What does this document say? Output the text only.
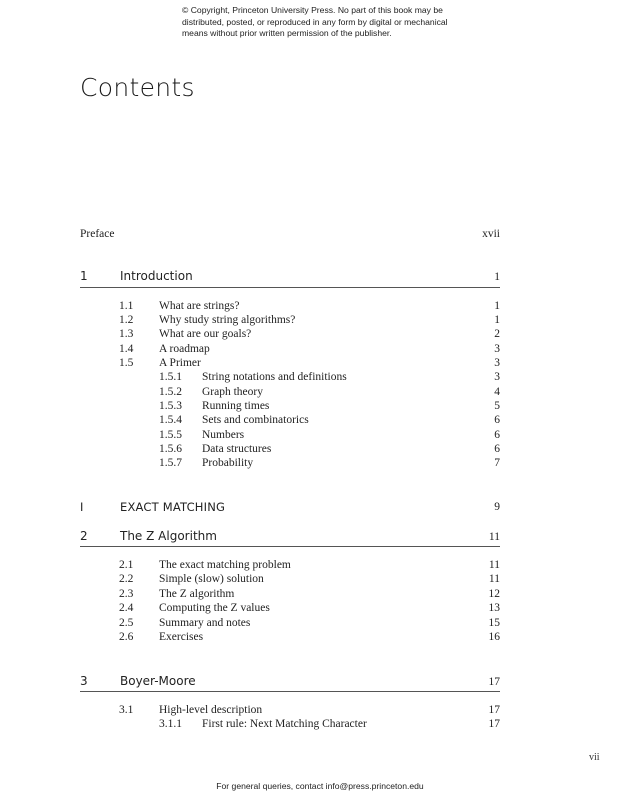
© Copyright, Princeton University Press. No part of this book may be
distributed, posted, or reproduced in any form by digital or mechanical
means without prior written permission of the publisher.
Contents
Preface	xvii
1	Introduction	1
1.1 What are strings?	1
1.2 Why study string algorithms?	1
1.3 What are our goals?	2
1.4 A roadmap	3
1.5 A Primer	3
1.5.1 String notations and definitions	3
1.5.2 Graph theory	4
1.5.3 Running times	5
1.5.4 Sets and combinatorics	6
1.5.5 Numbers	6
1.5.6 Data structures	6
1.5.7 Probability	7
I	EXACT MATCHING	9
2	The Z Algorithm	11
2.1 The exact matching problem	11
2.2 Simple (slow) solution	11
2.3 The Z algorithm	12
2.4 Computing the Z values	13
2.5 Summary and notes	15
2.6 Exercises	16
3	Boyer-Moore	17
3.1 High-level description	17
3.1.1 First rule: Next Matching Character	17
vii
For general queries, contact info@press.princeton.edu
